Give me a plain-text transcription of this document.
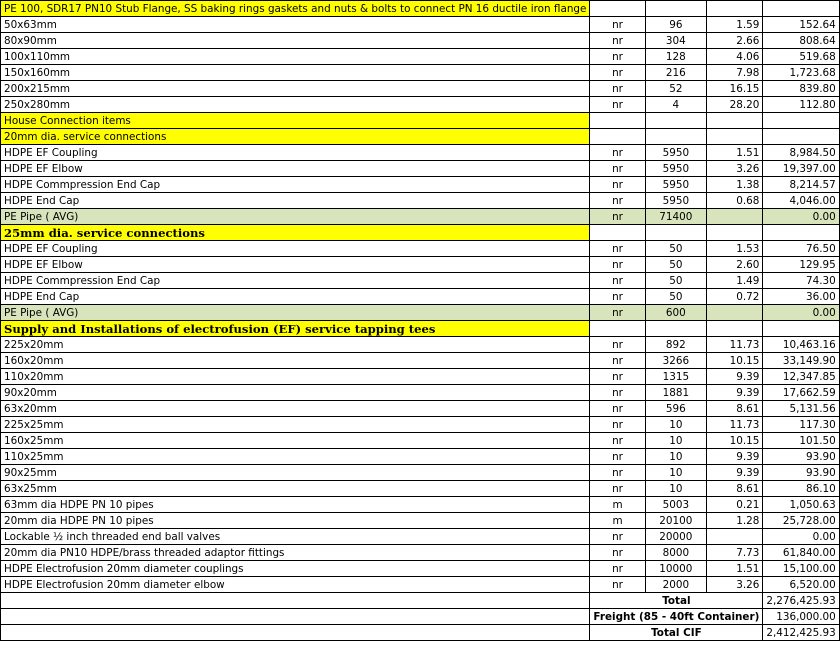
PE 100, SDR17 PN10 Stub Flange, SS baking rings gaskets and nuts & bolts to connect PN 16 ductile iron flange				
50x63mm	nr	96	1.59	152.64
80x90mm	nr	304	2.66	808.64
100x110mm	nr	128	4.06	519.68
150x160mm	nr	216	7.98	1,723.68
200x215mm	nr	52	16.15	839.80
250x280mm	nr	4	28.20	112.80
House Connection items				
20mm dia. service connections				
HDPE EF Coupling	nr	5950	1.51	8,984.50
HDPE EF Elbow	nr	5950	3.26	19,397.00
HDPE Commpression End Cap	nr	5950	1.38	8,214.57
HDPE End Cap	nr	5950	0.68	4,046.00
PE Pipe ( AVG)	nr	71400		0.00
25mm dia. service connections				
HDPE EF Coupling	nr	50	1.53	76.50
HDPE EF Elbow	nr	50	2.60	129.95
HDPE Commpression End Cap	nr	50	1.49	74.30
HDPE End Cap	nr	50	0.72	36.00
PE Pipe ( AVG)	nr	600		0.00
Supply and Installations of electrofusion (EF) service tapping tees				
225x20mm	nr	892	11.73	10,463.16
160x20mm	nr	3266	10.15	33,149.90
110x20mm	nr	1315	9.39	12,347.85
90x20mm	nr	1881	9.39	17,662.59
63x20mm	nr	596	8.61	5,131.56
225x25mm	nr	10	11.73	117.30
160x25mm	nr	10	10.15	101.50
110x25mm	nr	10	9.39	93.90
90x25mm	nr	10	9.39	93.90
63x25mm	nr	10	8.61	86.10
63mm dia HDPE PN 10 pipes	m	5003	0.21	1,050.63
20mm dia HDPE PN 10 pipes	m	20100	1.28	25,728.00
Lockable ½ inch threaded end ball valves	nr	20000		0.00
20mm dia PN10 HDPE/brass threaded adaptor fittings	nr	8000	7.73	61,840.00
HDPE Electrofusion 20mm diameter couplings	nr	10000	1.51	15,100.00
HDPE Electrofusion 20mm diameter elbow	nr	2000	3.26	6,520.00
	Total			2,276,425.93
	Freight (85 - 40ft Container)			136,000.00
	Total CIF			2,412,425.93
